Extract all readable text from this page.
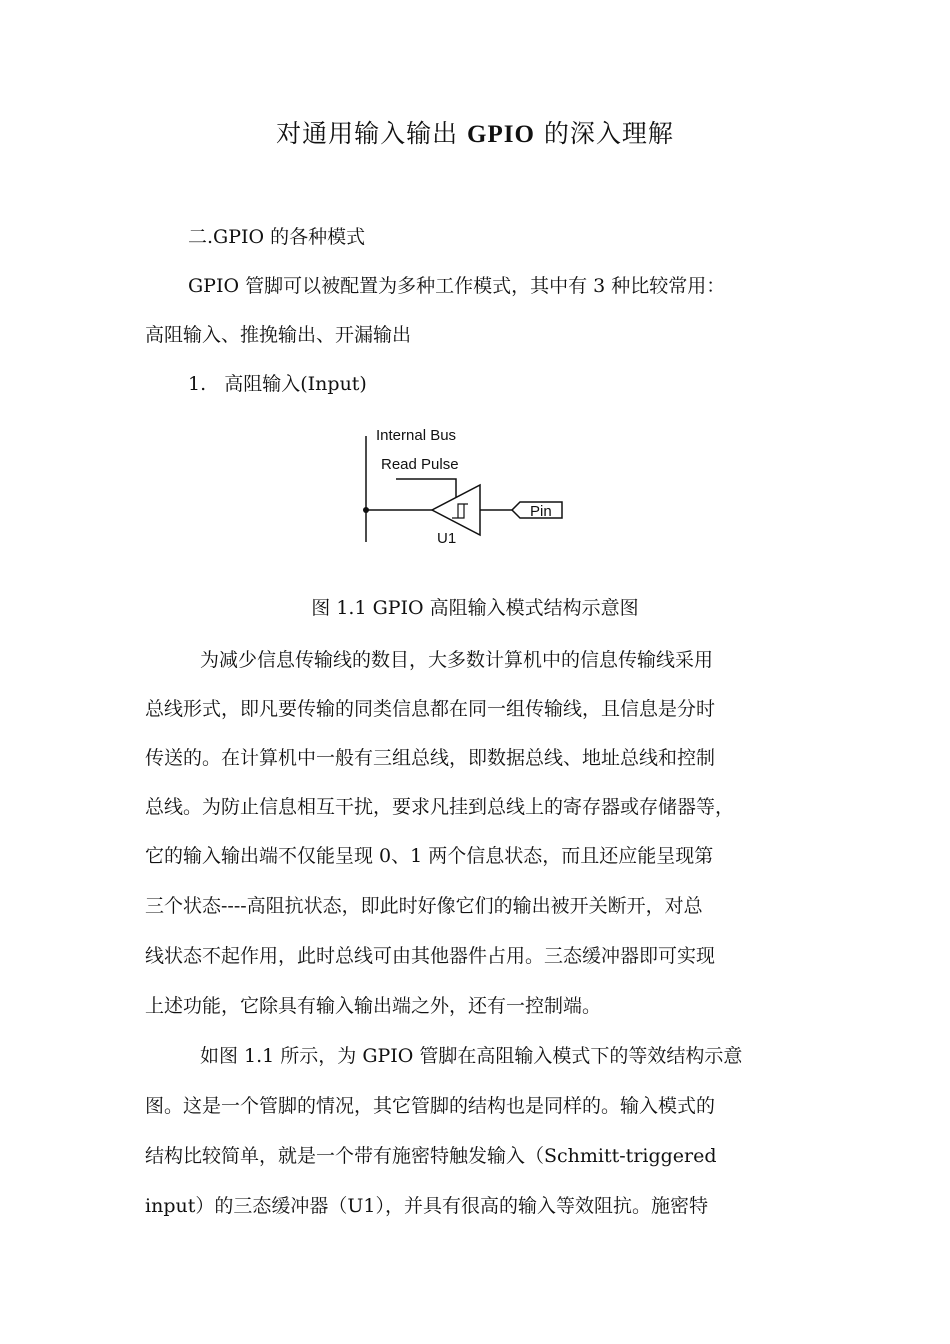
对通用输入输出 GPIO 的深入理解
二.GPIO 的各种模式
GPIO 管脚可以被配置为多种工作模式，其中有 3 种比较常用：
高阻输入、推挽输出、开漏输出
1.   高阻输入(Input)
Internal Bus
Read Pulse
Pin
U1
图 1.1 GPIO 高阻输入模式结构示意图
为减少信息传输线的数目，大多数计算机中的信息传输线采用
总线形式，即凡要传输的同类信息都在同一组传输线，且信息是分时
传送的。在计算机中一般有三组总线，即数据总线、地址总线和控制
总线。为防止信息相互干扰，要求凡挂到总线上的寄存器或存储器等，
它的输入输出端不仅能呈现 0、1 两个信息状态，而且还应能呈现第
三个状态----高阻抗状态，即此时好像它们的输出被开关断开，对总
线状态不起作用，此时总线可由其他器件占用。三态缓冲器即可实现
上述功能，它除具有输入输出端之外，还有一控制端。
如图 1.1 所示，为 GPIO 管脚在高阻输入模式下的等效结构示意
图。这是一个管脚的情况，其它管脚的结构也是同样的。输入模式的
结构比较简单，就是一个带有施密特触发输入（Schmitt-triggered
input）的三态缓冲器（U1），并具有很高的输入等效阻抗。施密特
